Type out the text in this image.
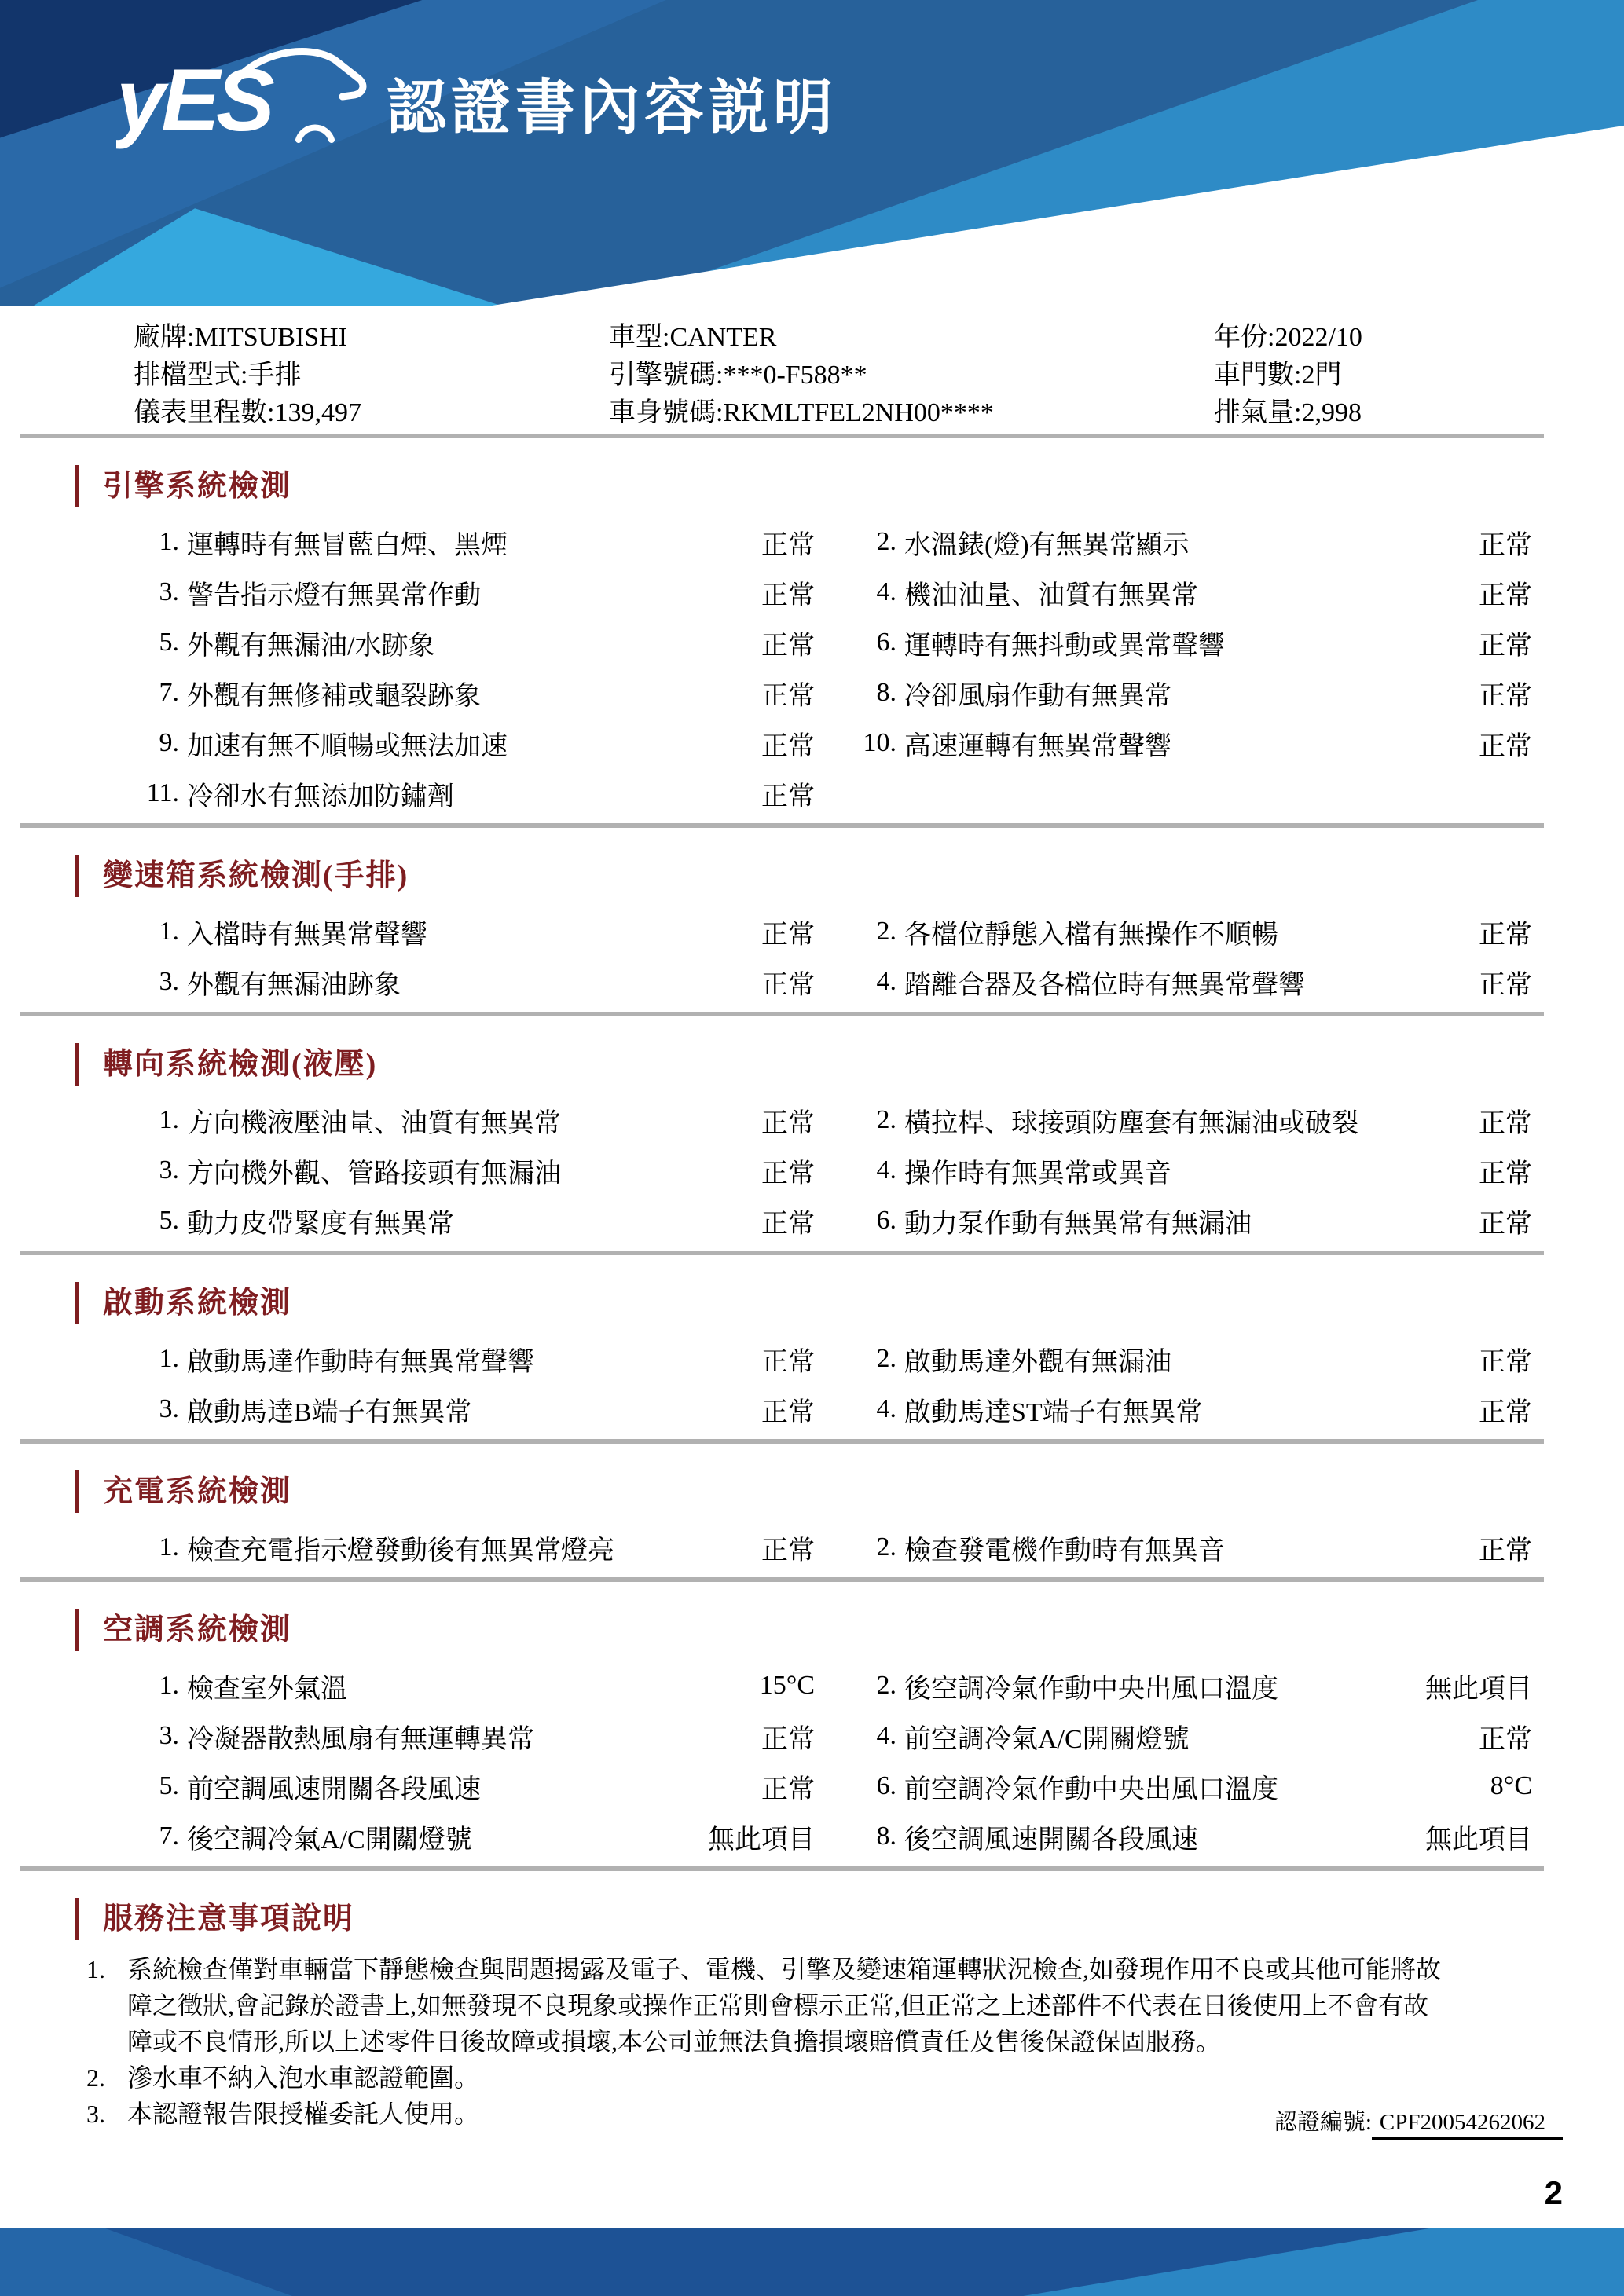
yES 認證書內容説明
廠牌:MITSUBISHI	車型:CANTER	年份:2022/10
排檔型式:手排	引擎號碼:***0-F588**	車門數:2門
儀表里程數:139,497	車身號碼:RKMLTFEL2NH00****	排氣量:2,998
引擎系統檢測
1. 運轉時有無冒藍白煙、黑煙	正常	2. 水溫錶(燈)有無異常顯示	正常
3. 警告指示燈有無異常作動	正常	4. 機油油量、油質有無異常	正常
5. 外觀有無漏油/水跡象	正常	6. 運轉時有無抖動或異常聲響	正常
7. 外觀有無修補或龜裂跡象	正常	8. 冷卻風扇作動有無異常	正常
9. 加速有無不順暢或無法加速	正常	10. 高速運轉有無異常聲響	正常
11. 冷卻水有無添加防鏽劑	正常
變速箱系統檢測(手排)
1. 入檔時有無異常聲響	正常	2. 各檔位靜態入檔有無操作不順暢	正常
3. 外觀有無漏油跡象	正常	4. 踏離合器及各檔位時有無異常聲響	正常
轉向系統檢測(液壓)
1. 方向機液壓油量、油質有無異常	正常	2. 橫拉桿、球接頭防塵套有無漏油或破裂	正常
3. 方向機外觀、管路接頭有無漏油	正常	4. 操作時有無異常或異音	正常
5. 動力皮帶緊度有無異常	正常	6. 動力泵作動有無異常有無漏油	正常
啟動系統檢測
1. 啟動馬達作動時有無異常聲響	正常	2. 啟動馬達外觀有無漏油	正常
3. 啟動馬達B端子有無異常	正常	4. 啟動馬達ST端子有無異常	正常
充電系統檢測
1. 檢查充電指示燈發動後有無異常燈亮	正常	2. 檢查發電機作動時有無異音	正常
空調系統檢測
1. 檢查室外氣溫	15°C	2. 後空調冷氣作動中央出風口溫度	無此項目
3. 冷凝器散熱風扇有無運轉異常	正常	4. 前空調冷氣A/C開關燈號	正常
5. 前空調風速開關各段風速	正常	6. 前空調冷氣作動中央出風口溫度	8°C
7. 後空調冷氣A/C開關燈號	無此項目	8. 後空調風速開關各段風速	無此項目
服務注意事項說明
1. 系統檢查僅對車輛當下靜態檢查與問題揭露及電子、電機、引擎及變速箱運轉狀況檢查,如發現作用不良或其他可能將故障之徵狀,會記錄於證書上,如無發現不良現象或操作正常則會標示正常,但正常之上述部件不代表在日後使用上不會有故障或不良情形,所以上述零件日後故障或損壞,本公司並無法負擔損壞賠償責任及售後保證保固服務。
2. 滲水車不納入泡水車認證範圍。
3. 本認證報告限授權委託人使用。	認證編號: CPF20054262062
2
